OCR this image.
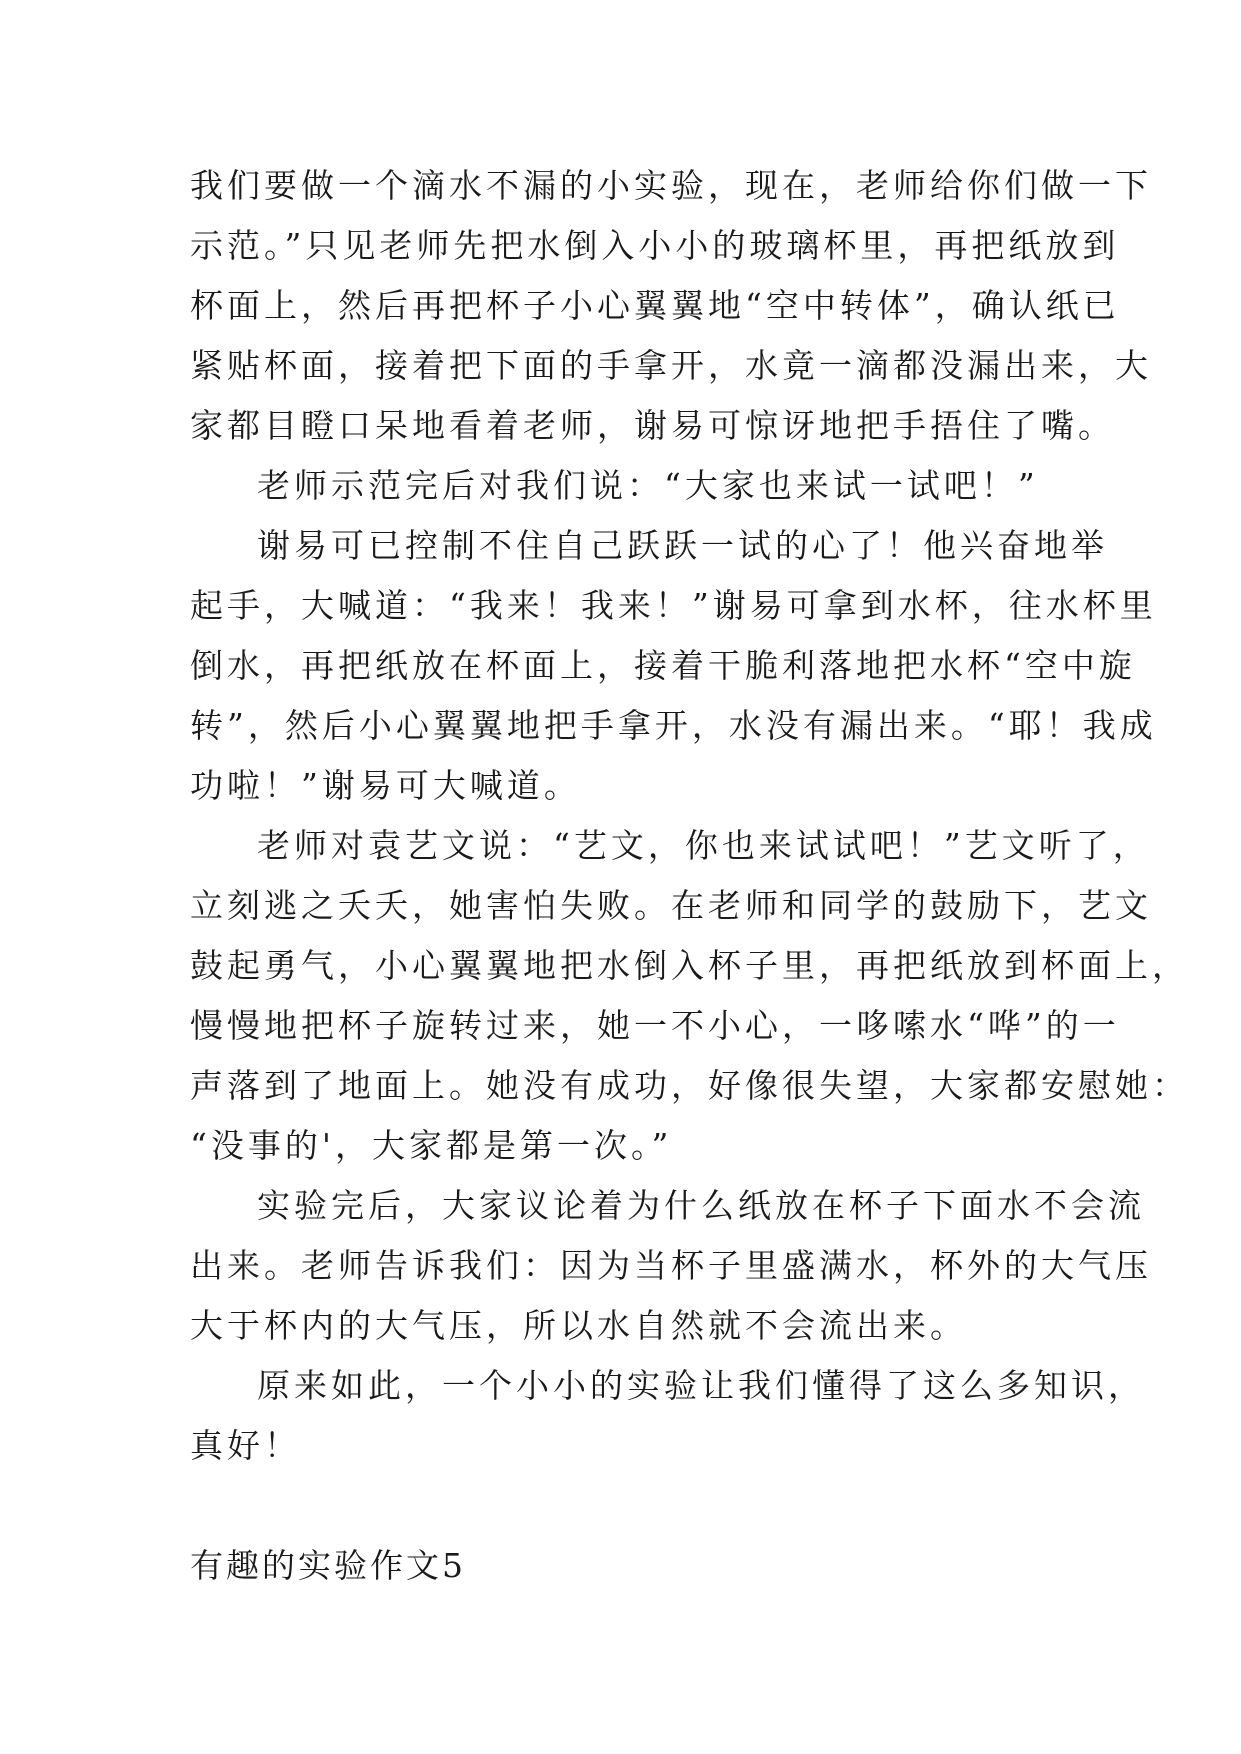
我们要做一个滴水不漏的小实验，现在，老师给你们做一下
示范。”只见老师先把水倒入小小的玻璃杯里，再把纸放到
杯面上，然后再把杯子小心翼翼地“空中转体”，确认纸已
紧贴杯面，接着把下面的手拿开，水竟一滴都没漏出来，大
家都目瞪口呆地看着老师，谢易可惊讶地把手捂住了嘴。
老师示范完后对我们说：“大家也来试一试吧！”
谢易可已控制不住自己跃跃一试的心了！他兴奋地举
起手，大喊道：“我来！我来！”谢易可拿到水杯，往水杯里
倒水，再把纸放在杯面上，接着干脆利落地把水杯“空中旋
转”，然后小心翼翼地把手拿开，水没有漏出来。“耶！我成
功啦！”谢易可大喊道。
老师对袁艺文说：“艺文，你也来试试吧！”艺文听了，
立刻逃之夭夭，她害怕失败。在老师和同学的鼓励下，艺文
鼓起勇气，小心翼翼地把水倒入杯子里，再把纸放到杯面上，
慢慢地把杯子旋转过来，她一不小心，一哆嗦水“哗”的一
声落到了地面上。她没有成功，好像很失望，大家都安慰她：
“没事的'，大家都是第一次。”
实验完后，大家议论着为什么纸放在杯子下面水不会流
出来。老师告诉我们：因为当杯子里盛满水，杯外的大气压
大于杯内的大气压，所以水自然就不会流出来。
原来如此，一个小小的实验让我们懂得了这么多知识，
真好！
有趣的实验作文5
